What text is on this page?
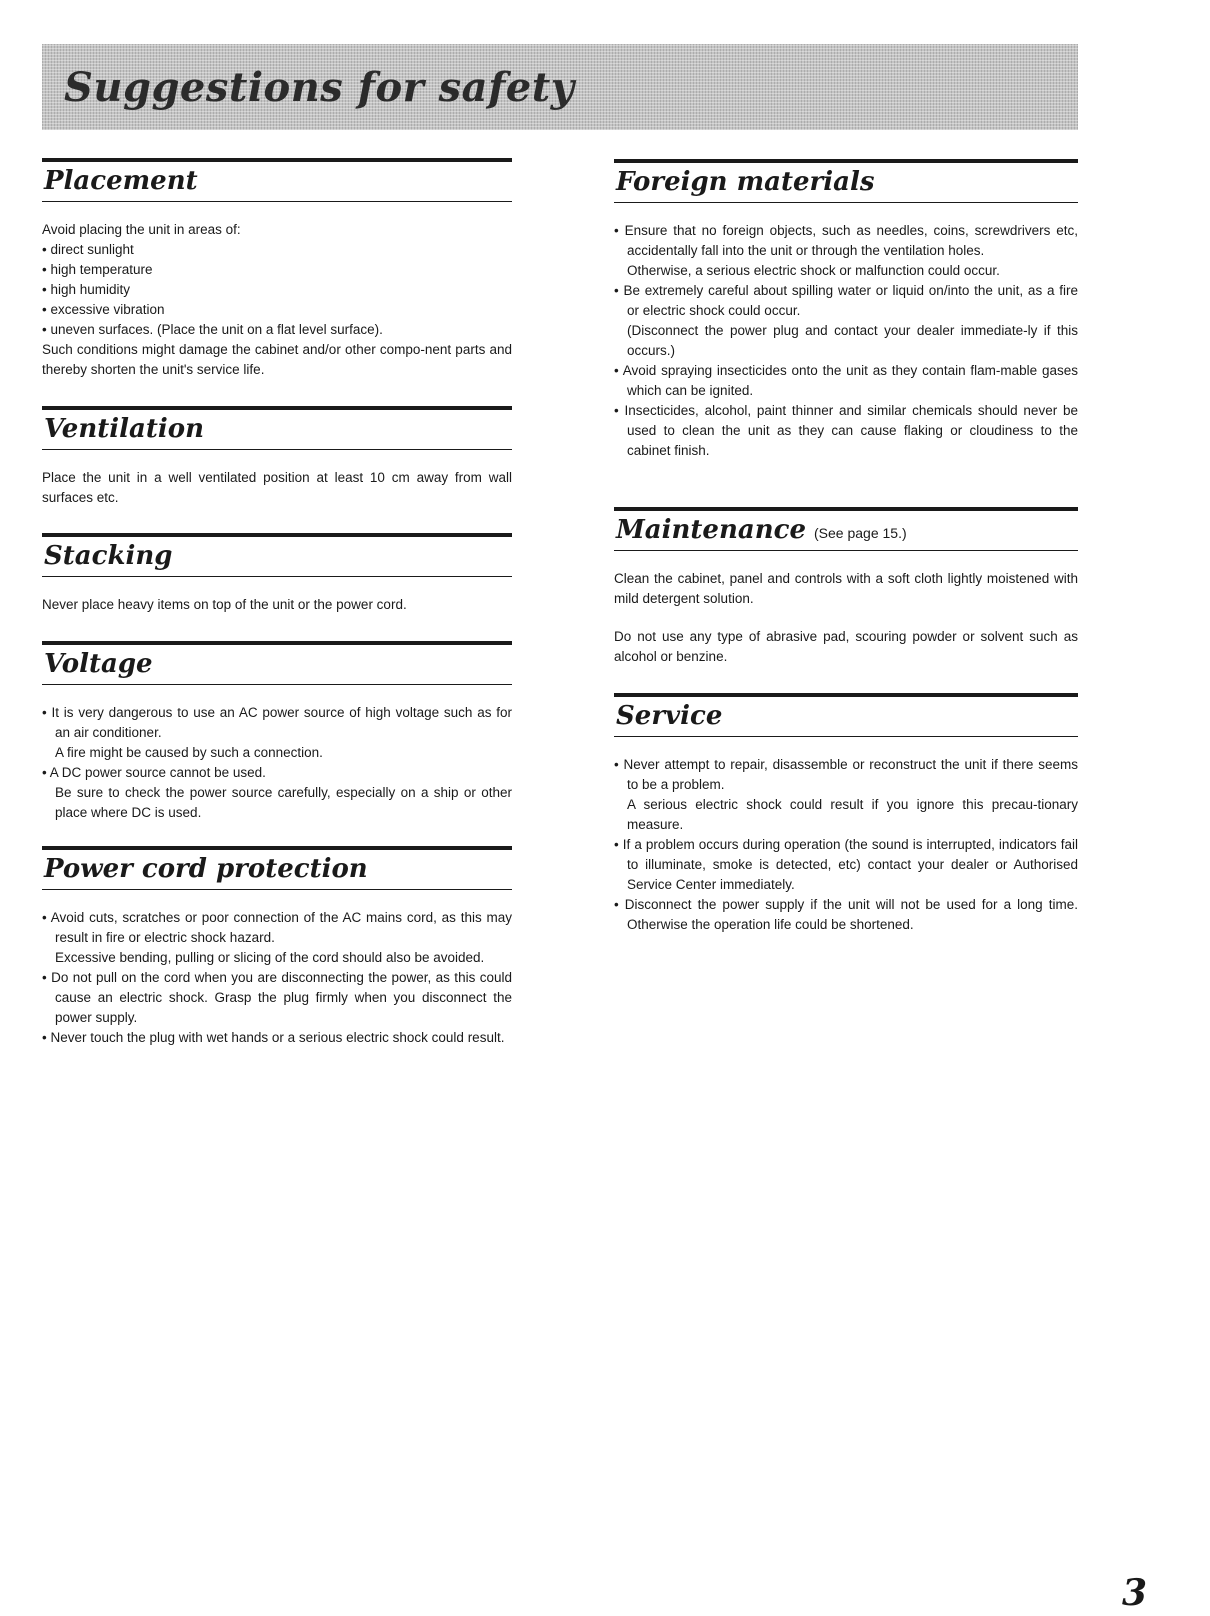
Suggestions for safety
Placement
Avoid placing the unit in areas of:
• direct sunlight
• high temperature
• high humidity
• excessive vibration
• uneven surfaces. (Place the unit on a flat level surface).
Such conditions might damage the cabinet and/or other compo-nent parts and thereby shorten the unit's service life.
Ventilation
Place the unit in a well ventilated position at least 10 cm away from wall surfaces etc.
Stacking
Never place heavy items on top of the unit or the power cord.
Voltage
• It is very dangerous to use an AC power source of high voltage such as for an air conditioner.
A fire might be caused by such a connection.
• A DC power source cannot be used.
Be sure to check the power source carefully, especially on a ship or other place where DC is used.
Power cord protection
• Avoid cuts, scratches or poor connection of the AC mains cord, as this may result in fire or electric shock hazard.
Excessive bending, pulling or slicing of the cord should also be avoided.
• Do not pull on the cord when you are disconnecting the power, as this could cause an electric shock. Grasp the plug firmly when you disconnect the power supply.
• Never touch the plug with wet hands or a serious electric shock could result.
Foreign materials
• Ensure that no foreign objects, such as needles, coins, screwdrivers etc, accidentally fall into the unit or through the ventilation holes.
Otherwise, a serious electric shock or malfunction could occur.
• Be extremely careful about spilling water or liquid on/into the unit, as a fire or electric shock could occur.
(Disconnect the power plug and contact your dealer immediate-ly if this occurs.)
• Avoid spraying insecticides onto the unit as they contain flam-mable gases which can be ignited.
• Insecticides, alcohol, paint thinner and similar chemicals should never be used to clean the unit as they can cause flaking or cloudiness to the cabinet finish.
Maintenance (See page 15.)
Clean the cabinet, panel and controls with a soft cloth lightly moistened with mild detergent solution.
Do not use any type of abrasive pad, scouring powder or solvent such as alcohol or benzine.
Service
• Never attempt to repair, disassemble or reconstruct the unit if there seems to be a problem.
A serious electric shock could result if you ignore this precau-tionary measure.
• If a problem occurs during operation (the sound is interrupted, indicators fail to illuminate, smoke is detected, etc) contact your dealer or Authorised Service Center immediately.
• Disconnect the power supply if the unit will not be used for a long time. Otherwise the operation life could be shortened.
3
